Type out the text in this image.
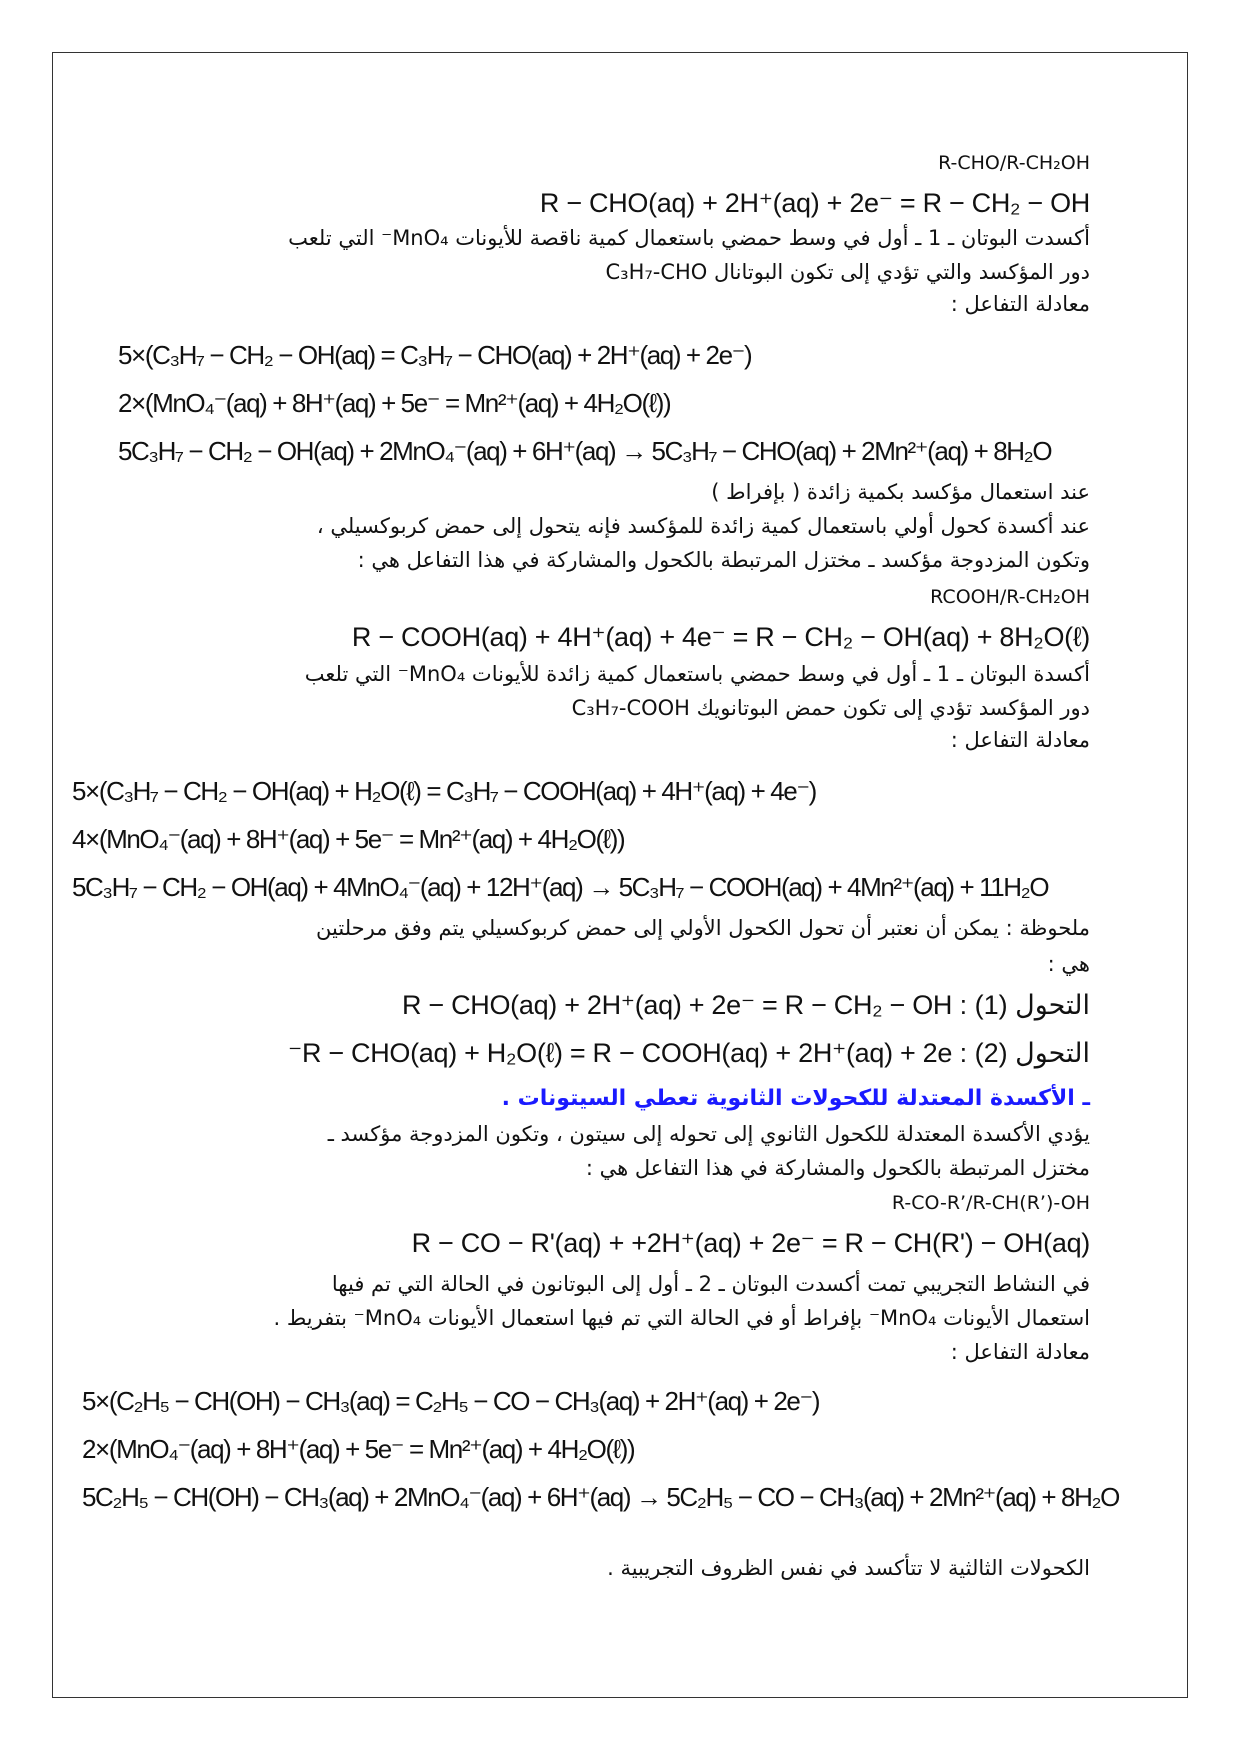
R-CHO/R-CH₂OH
R − CHO(aq) + 2H⁺(aq) + 2e⁻ = R − CH₂ − OH
أكسدت البوتان ـ 1 ـ أول في وسط حمضي باستعمال كمية ناقصة للأيونات MnO₄⁻ التي تلعب
دور المؤكسد والتي تؤدي إلى تكون البوتانال C₃H₇-CHO
معادلة التفاعل :
5×(C₃H₇ − CH₂ − OH(aq) = C₃H₇ − CHO(aq) + 2H⁺(aq) + 2e⁻)
2×(MnO₄⁻(aq) + 8H⁺(aq) + 5e⁻ = Mn²⁺(aq) + 4H₂O(ℓ))
5C₃H₇ − CH₂ − OH(aq) + 2MnO₄⁻(aq) + 6H⁺(aq) → 5C₃H₇ − CHO(aq) + 2Mn²⁺(aq) + 8H₂O
عند استعمال مؤكسد بكمية زائدة ( بإفراط )
عند أكسدة كحول أولي باستعمال كمية زائدة للمؤكسد فإنه يتحول إلى حمض كربوكسيلي ،
وتكون المزدوجة مؤكسد ـ مختزل المرتبطة بالكحول والمشاركة في هذا التفاعل هي :
RCOOH/R-CH₂OH
R − COOH(aq) + 4H⁺(aq) + 4e⁻ = R − CH₂ − OH(aq) + 8H₂O(ℓ)
أكسدة البوتان ـ 1 ـ أول في وسط حمضي باستعمال كمية زائدة للأيونات MnO₄⁻ التي تلعب
دور المؤكسد تؤدي إلى تكون حمض البوتانويك C₃H₇-COOH
معادلة التفاعل :
5×(C₃H₇ − CH₂ − OH(aq) + H₂O(ℓ) = C₃H₇ − COOH(aq) + 4H⁺(aq) + 4e⁻)
4×(MnO₄⁻(aq) + 8H⁺(aq) + 5e⁻ = Mn²⁺(aq) + 4H₂O(ℓ))
5C₃H₇ − CH₂ − OH(aq) + 4MnO₄⁻(aq) + 12H⁺(aq) → 5C₃H₇ − COOH(aq) + 4Mn²⁺(aq) + 11H₂O
ملحوظة : يمكن أن نعتبر أن تحول الكحول الأولي إلى حمض كربوكسيلي يتم وفق مرحلتين
هي :
التحول (1) : R − CHO(aq) + 2H⁺(aq) + 2e⁻ = R − CH₂ − OH
التحول (2) : R − CHO(aq) + H₂O(ℓ) = R − COOH(aq) + 2H⁺(aq) + 2e⁻
ـ الأكسدة المعتدلة للكحولات الثانوية تعطي السيتونات .
يؤدي الأكسدة المعتدلة للكحول الثانوي إلى تحوله إلى سيتون ، وتكون المزدوجة مؤكسد ـ
مختزل المرتبطة بالكحول والمشاركة في هذا التفاعل هي :
R-CO-R’/R-CH(R’)-OH
R − CO − R'(aq) + +2H⁺(aq) + 2e⁻ = R − CH(R') − OH(aq)
في النشاط التجريبي تمت أكسدت البوتان ـ 2 ـ أول إلى البوتانون في الحالة التي تم فيها
استعمال الأيونات MnO₄⁻ بإفراط أو في الحالة التي تم فيها استعمال الأيونات MnO₄⁻ بتفريط .
معادلة التفاعل :
5×(C₂H₅ − CH(OH) − CH₃(aq) = C₂H₅ − CO − CH₃(aq) + 2H⁺(aq) + 2e⁻)
2×(MnO₄⁻(aq) + 8H⁺(aq) + 5e⁻ = Mn²⁺(aq) + 4H₂O(ℓ))
5C₂H₅ − CH(OH) − CH₃(aq) + 2MnO₄⁻(aq) + 6H⁺(aq) → 5C₂H₅ − CO − CH₃(aq) + 2Mn²⁺(aq) + 8H₂O
الكحولات الثالثية لا تتأكسد في نفس الظروف التجريبية .
